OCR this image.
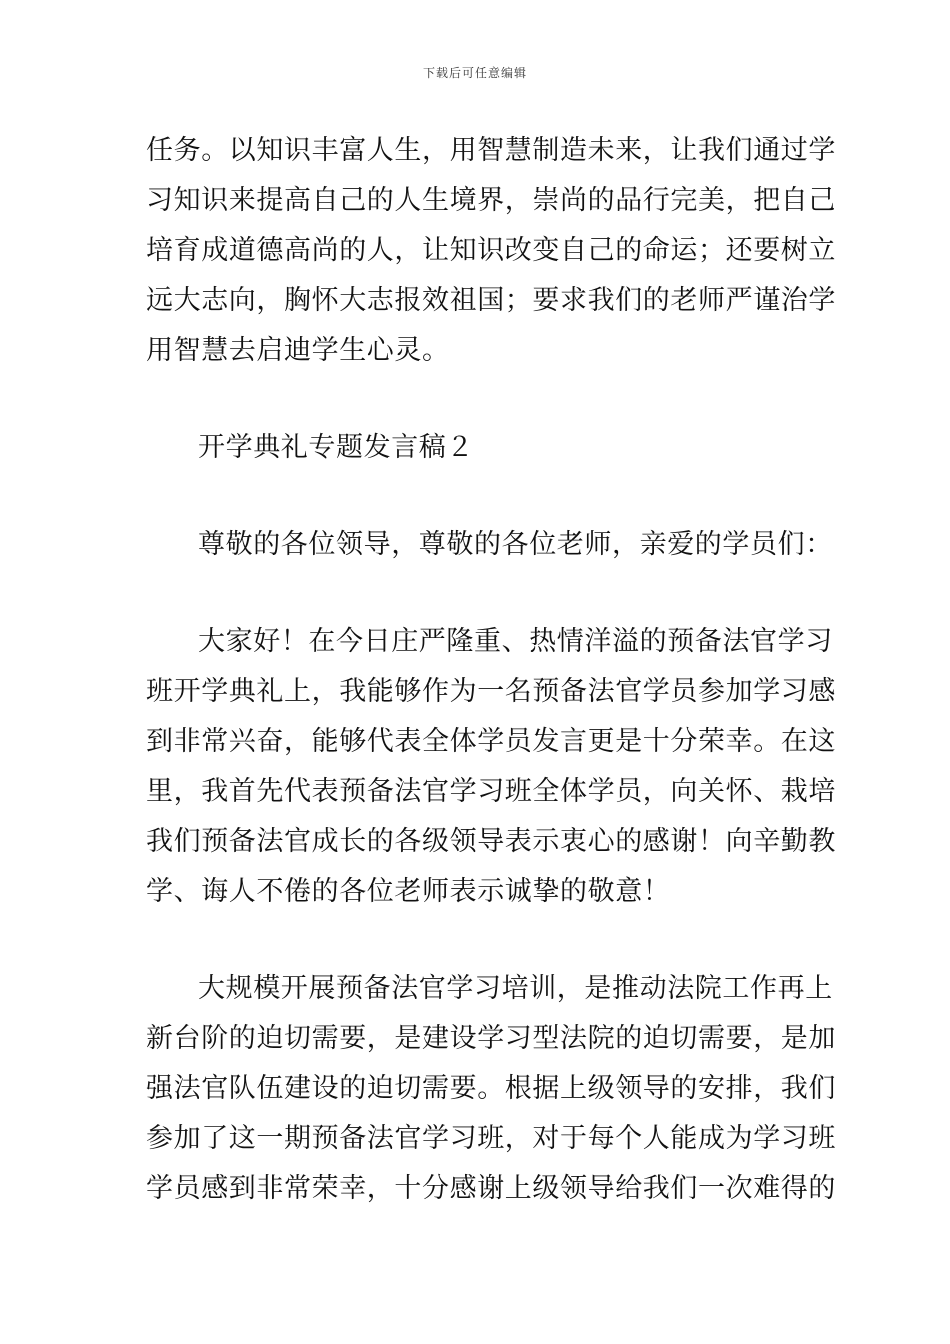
下载后可任意编辑
任务。以知识丰富人生，用智慧制造未来，让我们通过学
习知识来提高自己的人生境界，崇尚的品行完美，把自己
培育成道德高尚的人，让知识改变自己的命运；还要树立
远大志向，胸怀大志报效祖国；要求我们的老师严谨治学
用智慧去启迪学生心灵。
开学典礼专题发言稿２
尊敬的各位领导，尊敬的各位老师，亲爱的学员们：
大家好！在今日庄严隆重、热情洋溢的预备法官学习
班开学典礼上，我能够作为一名预备法官学员参加学习感
到非常兴奋，能够代表全体学员发言更是十分荣幸。在这
里，我首先代表预备法官学习班全体学员，向关怀、栽培
我们预备法官成长的各级领导表示衷心的感谢！向辛勤教
学、诲人不倦的各位老师表示诚挚的敬意！
大规模开展预备法官学习培训，是推动法院工作再上
新台阶的迫切需要，是建设学习型法院的迫切需要，是加
强法官队伍建设的迫切需要。根据上级领导的安排，我们
参加了这一期预备法官学习班，对于每个人能成为学习班
学员感到非常荣幸，十分感谢上级领导给我们一次难得的
